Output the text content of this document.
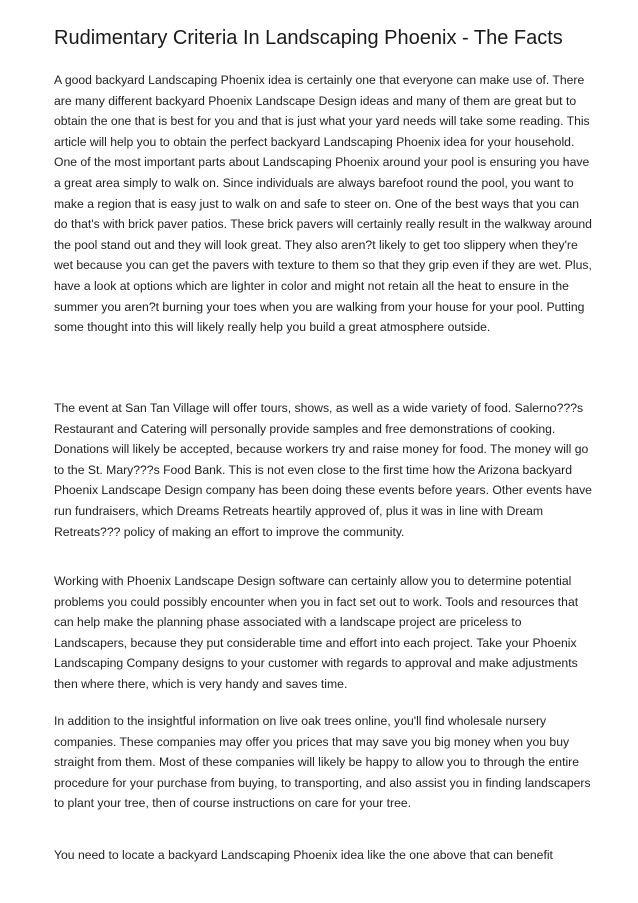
Rudimentary Criteria In Landscaping Phoenix - The Facts

A good backyard Landscaping Phoenix idea is certainly one that everyone can make use of. There are many different backyard Phoenix Landscape Design ideas and many of them are great but to obtain the one that is best for you and that is just what your yard needs will take some reading. This article will help you to obtain the perfect backyard Landscaping Phoenix idea for your household.
One of the most important parts about Landscaping Phoenix around your pool is ensuring you have a great area simply to walk on. Since individuals are always barefoot round the pool, you want to make a region that is easy just to walk on and safe to steer on. One of the best ways that you can do that's with brick paver patios. These brick pavers will certainly really result in the walkway around the pool stand out and they will look great. They also aren?t likely to get too slippery when they're wet because you can get the pavers with texture to them so that they grip even if they are wet. Plus, have a look at options which are lighter in color and might not retain all the heat to ensure in the summer you aren?t burning your toes when you are walking from your house for your pool. Putting some thought into this will likely really help you build a great atmosphere outside.

The event at San Tan Village will offer tours, shows, as well as a wide variety of food. Salerno???s Restaurant and Catering will personally provide samples and free demonstrations of cooking. Donations will likely be accepted, because workers try and raise money for food. The money will go to the St. Mary???s Food Bank. This is not even close to the first time how the Arizona backyard Phoenix Landscape Design company has been doing these events before years. Other events have run fundraisers, which Dreams Retreats heartily approved of, plus it was in line with Dream Retreats??? policy of making an effort to improve the community.

Working with Phoenix Landscape Design software can certainly allow you to determine potential problems you could possibly encounter when you in fact set out to work. Tools and resources that can help make the planning phase associated with a landscape project are priceless to Landscapers, because they put considerable time and effort into each project. Take your Phoenix Landscaping Company designs to your customer with regards to approval and make adjustments then where there, which is very handy and saves time.

In addition to the insightful information on live oak trees online, you'll find wholesale nursery companies. These companies may offer you prices that may save you big money when you buy straight from them. Most of these companies will likely be happy to allow you to through the entire procedure for your purchase from buying, to transporting, and also assist you in finding landscapers to plant your tree, then of course instructions on care for your tree.

You need to locate a backyard Landscaping Phoenix idea like the one above that can benefit
